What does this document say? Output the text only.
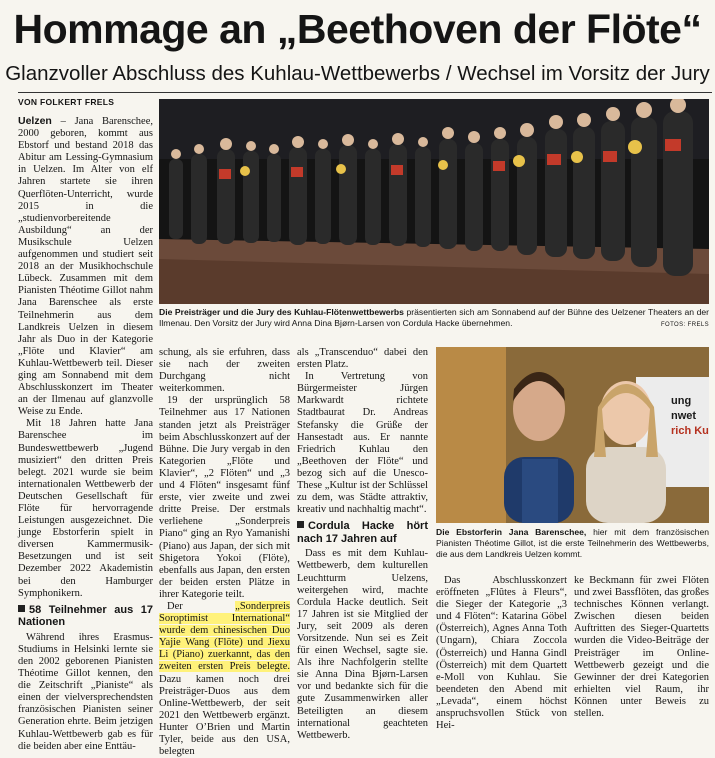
Hommage an „Beethoven der Flöte“
Glanzvoller Abschluss des Kuhlau-Wettbewerbs / Wechsel im Vorsitz der Jury
VON FOLKERT FRELS

Uelzen – Jana Barenschee, 2000 geboren, kommt aus Ebstorf und bestand 2018 das Abitur am Lessing-Gymnasium in Uelzen. Im Alter von elf Jahren startete sie ihren Querflöten-Unterricht, wurde 2015 in die „studienvorbereitende Ausbildung“ an der Musikschule Uelzen aufgenommen und studiert seit 2018 an der Musikhochschule Lübeck. Zusammen mit dem Pianisten Théotime Gillot nahm Jana Barenschee als erste Teilnehmerin aus dem Landkreis Uelzen in diesem Jahr als Duo in der Kategorie „Flöte und Klavier“ am Kuhlau-Wettbewerb teil. Dieser ging am Sonnabend mit dem Abschlusskonzert im Theater an der Ilmenau auf glanzvolle Weise zu Ende.

Mit 18 Jahren hatte Jana Barenschee im Bundeswettbewerb „Jugend musiziert“ den dritten Preis belegt. 2021 wurde sie beim internationalen Wettbewerb der Deutschen Gesellschaft für Flöte für hervorragende Leistungen ausgezeichnet. Die junge Ebstorferin spielt in diversen Kammermusik-Besetzungen und ist seit Dezember 2022 Akademistin bei den Hamburger Symphonikern.

58 Teilnehmer aus 17 Nationen

Während ihres Erasmus-Studiums in Helsinki lernte sie den 2002 geborenen Pianisten Théotime Gillot kennen, den die Zeitschrift „Pianiste“ als einen der vielversprechendsten französischen Pianisten seiner Generation ehrte. Beim jetzigen Kuhlau-Wettbewerb gab es für die beiden aber eine Enttäu-

Die Preisträger und die Jury des Kuhlau-Flötenwettbewerbs präsentierten sich am Sonnabend auf der Bühne des Uelzener Theaters an der Ilmenau. Den Vorsitz der Jury wird Anna Dina Bjørn-Larsen von Cordula Hacke übernehmen.	FOTOS: FRELS

schung, als sie erfuhren, dass sie nach der zweiten Durchgang nicht weiterkommen.

19 der ursprünglich 58 Teilnehmer aus 17 Nationen standen jetzt als Preisträger beim Abschlusskonzert auf der Bühne. Die Jury vergab in den Kategorien „Flöte und Klavier“, „2 Flöten“ und „3 und 4 Flöten“ insgesamt fünf erste, vier zweite und zwei dritte Preise. Der erstmals verliehene „Sonderpreis Piano“ ging an Ryo Yamanishi (Piano) aus Japan, der sich mit Shigetora Yokoi (Flöte), ebenfalls aus Japan, den ersten der beiden ersten Plätze in ihrer Kategorie teilt.

Der „Sonderpreis Soroptimist International“ wurde dem chinesischen Duo Yajie Wang (Flöte) und Jiexu Li (Piano) zuerkannt, das den zweiten ersten Preis belegte. Dazu kamen noch drei Preisträger-Duos aus dem Online-Wettbewerb, der seit 2021 den Wettbewerb ergänzt. Hunter O’Brien und Martin Tyler, beide aus den USA, belegten

als „Transcenduo“ dabei den ersten Platz.

In Vertretung von Bürgermeister Jürgen Markwardt richtete Stadtbaurat Dr. Andreas Stefansky die Grüße der Hansestadt aus. Er nannte Friedrich Kuhlau den „Beethoven der Flöte“ und bezog sich auf die Unesco-These „Kultur ist der Schlüssel zu dem, was Städte attraktiv, kreativ und nachhaltig macht“.

Cordula Hacke hört nach 17 Jahren auf

Dass es mit dem Kuhlau-Wettbewerb, dem kulturellen Leuchtturm Uelzens, weitergehen wird, machte Cordula Hacke deutlich. Seit 17 Jahren ist sie Mitglied der Jury, seit 2009 als deren Vorsitzende. Nun sei es Zeit für einen Wechsel, sagte sie. Als ihre Nachfolgerin stellte sie Anna Dina Bjørn-Larsen vor und bedankte sich für die gute Zusammenwirken aller Beteiligten an diesem international geachteten Wettbewerb.

ung
nwet
rich Ku
Die Ebstorferin Jana Barenschee, hier mit dem französischen Pianisten Théotime Gillot, ist die erste Teilnehmerin des Wettbewerbs, die aus dem Landkreis Uelzen kommt.

Das Abschlusskonzert eröffneten „Flûtes à Fleurs“, die Sieger der Kategorie „3 und 4 Flöten“: Katarina Göbel (Österreich), Agnes Anna Toth (Ungarn), Chiara Zoccola (Österreich) und Hanna Gindl (Österreich) mit dem Quartett e-Moll von Kuhlau. Sie beendeten den Abend mit „Levada“, einem höchst anspruchsvollen Stück von Hei-

ke Beckmann für zwei Flöten und zwei Bassflöten, das großes technisches Können verlangt. Zwischen diesen beiden Auftritten des Sieger-Quartetts wurden die Video-Beiträge der Preisträger im Online-Wettbewerb gezeigt und die Gewinner der drei Kategorien erhielten viel Raum, ihr Können unter Beweis zu stellen.
